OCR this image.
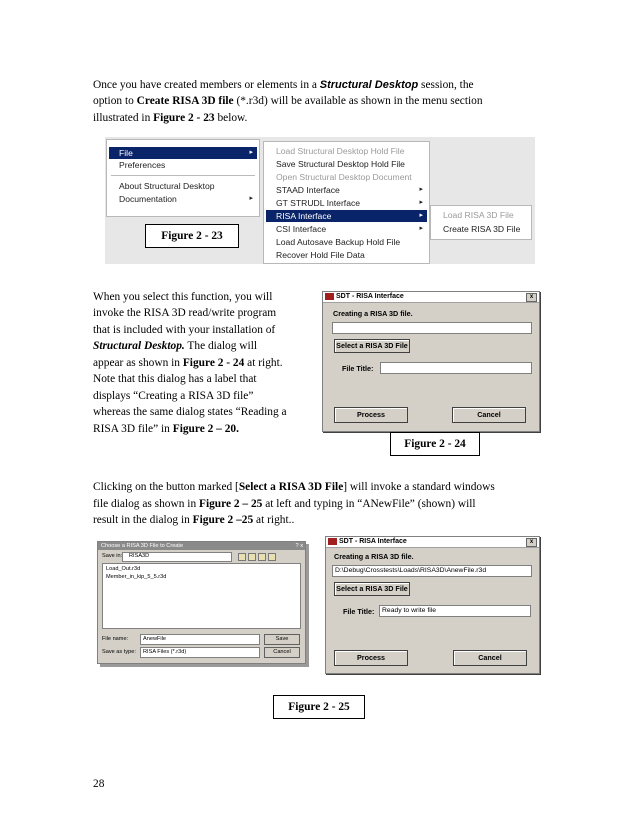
Once you have created members or elements in a Structural Desktop session, the
option to Create RISA 3D file (*.r3d) will be available as shown in the menu section
illustrated in Figure 2 - 23 below.
File	▸
Preferences
About Structural Desktop
Documentation	▸
Load Structural Desktop Hold File
Save Structural Desktop Hold File
Open Structural Desktop Document
STAAD Interface	▸
GT STRUDL Interface	▸
RISA Interface	▸
CSI Interface	▸
Load Autosave Backup Hold File
Recover Hold File Data
Load RISA 3D File
Create RISA 3D File
Figure 2 - 23
When you select this function, you will
invoke the RISA 3D read/write program
that is included with your installation of
Structural Desktop. The dialog will
appear as shown in Figure 2 - 24 at right.
Note that this dialog has a label that
displays “Creating a RISA 3D file”
whereas the same dialog states “Reading a
RISA 3D file” in Figure 2 – 20.
SDT - RISA Interface	x
Creating a RISA 3D file.
Select a RISA 3D File
File Title:
Process	Cancel
Figure 2 - 24
Clicking on the button marked [Select a RISA 3D File] will invoke a standard windows
file dialog as shown in Figure 2 – 25 at left and typing in “ANewFile” (shown) will
result in the dialog in Figure 2 –25 at right..
Choose a RISA 3D File to Create	? x
Save in: RISA3D
Load_Out.r3d
Member_in_kip_5_5.r3d
File name:	AnewFile	Save
Save as type: RISA Files (*.r3d)	Cancel
SDT - RISA Interface	x
Creating a RISA 3D file.
D:\Debug\Crosstests\Loads\RISA3D\AnewFile.r3d
Select a RISA 3D File
File Title:	Ready to write file
Process	Cancel
Figure 2 - 25
28
